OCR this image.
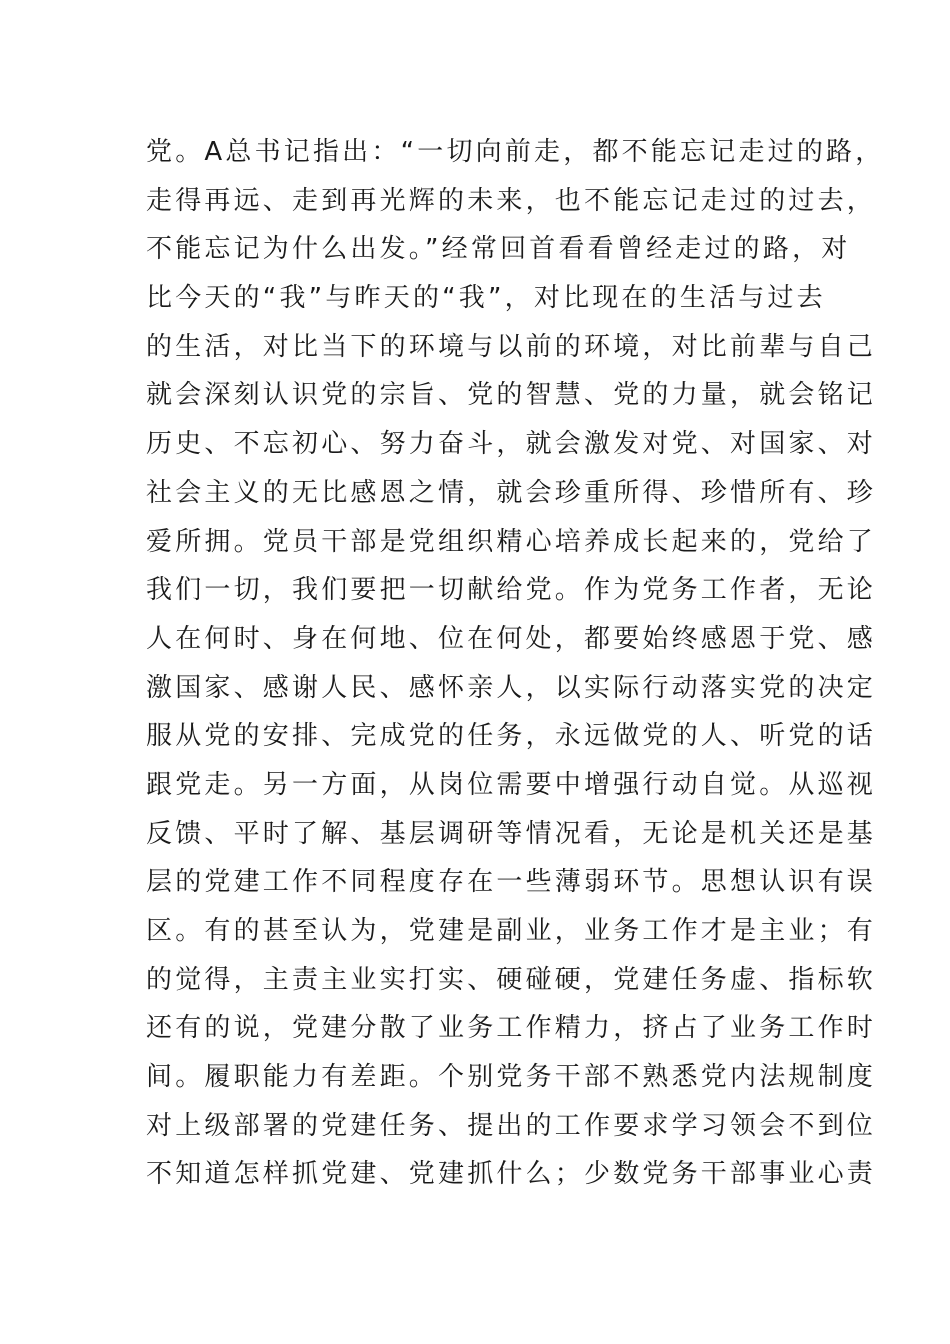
党。A总书记指出：“一切向前走，都不能忘记走过的路，
走得再远、走到再光辉的未来，也不能忘记走过的过去，
不能忘记为什么出发。”经常回首看看曾经走过的路，对
比今天的“我”与昨天的“我”，对比现在的生活与过去
的生活，对比当下的环境与以前的环境，对比前辈与自己
就会深刻认识党的宗旨、党的智慧、党的力量，就会铭记
历史、不忘初心、努力奋斗，就会激发对党、对国家、对
社会主义的无比感恩之情，就会珍重所得、珍惜所有、珍
爱所拥。党员干部是党组织精心培养成长起来的，党给了
我们一切，我们要把一切献给党。作为党务工作者，无论
人在何时、身在何地、位在何处，都要始终感恩于党、感
激国家、感谢人民、感怀亲人，以实际行动落实党的决定
服从党的安排、完成党的任务，永远做党的人、听党的话
跟党走。另一方面，从岗位需要中增强行动自觉。从巡视
反馈、平时了解、基层调研等情况看，无论是机关还是基
层的党建工作不同程度存在一些薄弱环节。思想认识有误
区。有的甚至认为，党建是副业，业务工作才是主业；有
的觉得，主责主业实打实、硬碰硬，党建任务虚、指标软
还有的说，党建分散了业务工作精力，挤占了业务工作时
间。履职能力有差距。个别党务干部不熟悉党内法规制度
对上级部署的党建任务、提出的工作要求学习领会不到位
不知道怎样抓党建、党建抓什么；少数党务干部事业心责
